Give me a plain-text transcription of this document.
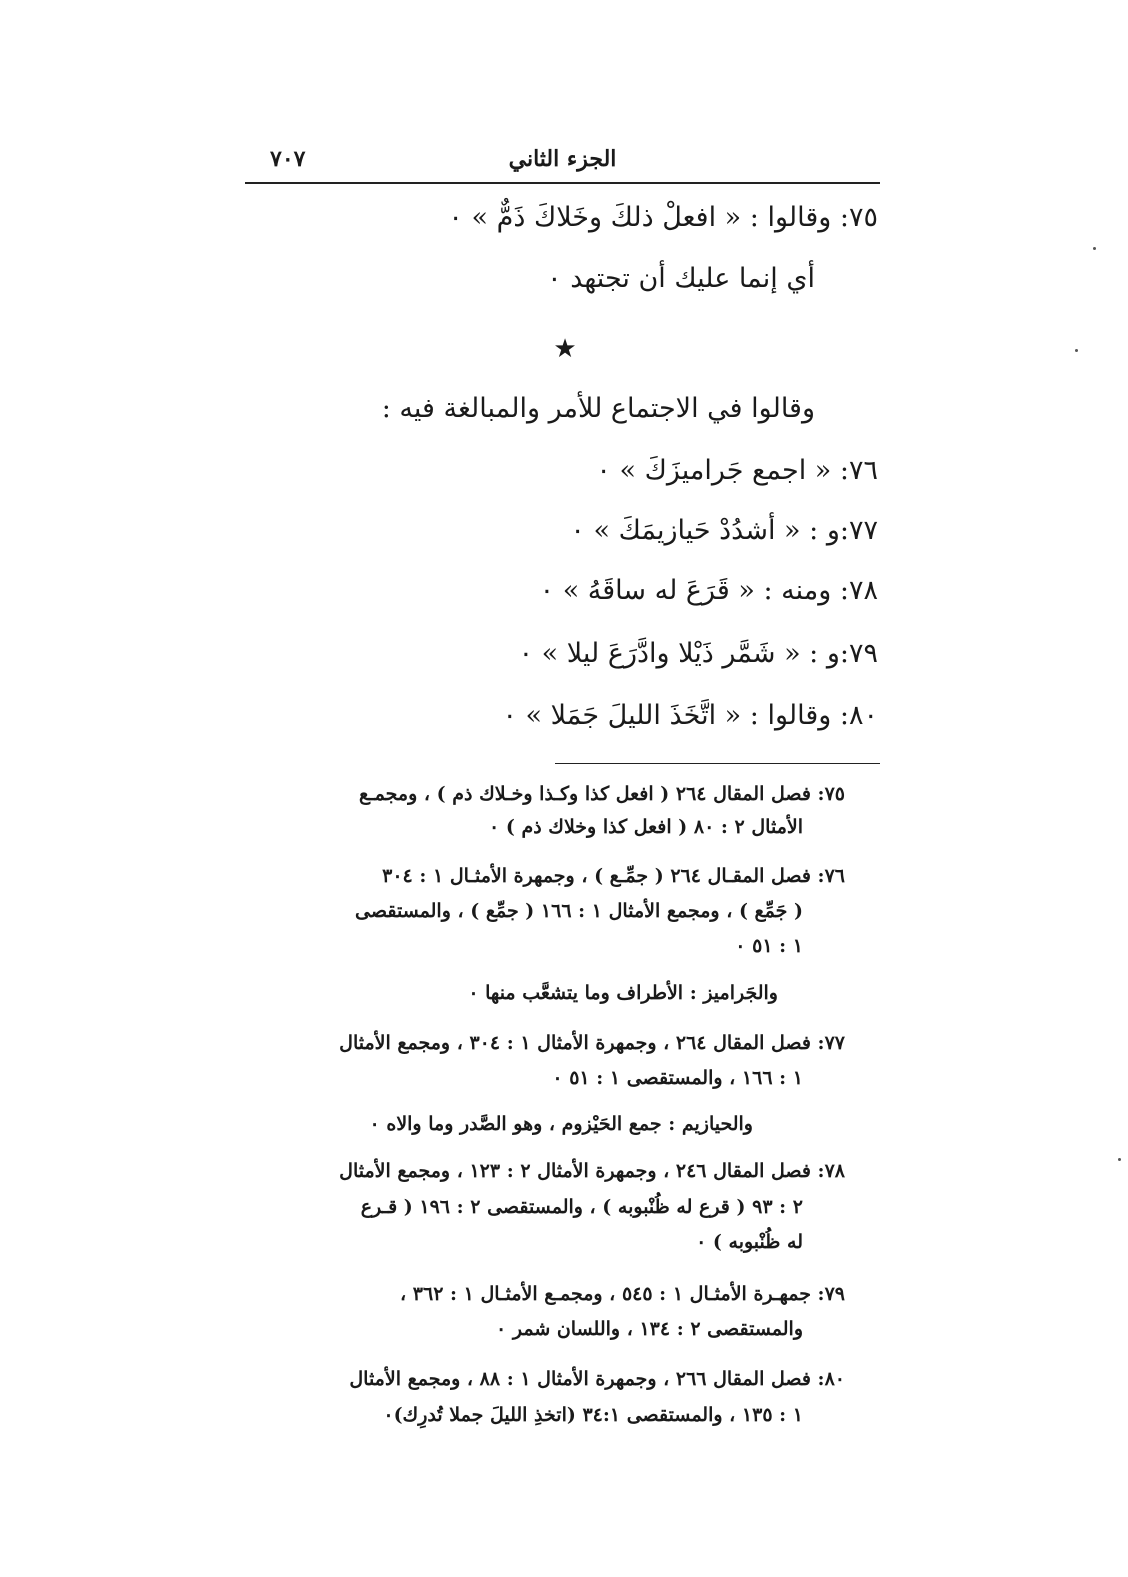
٧٠٧	الجزء الثاني
٧٥: وقالوا : « افعلْ ذلكَ وخَلاكَ ذَمٌّ » ٠
أي إنما عليك أن تجتهد ٠
★
وقالوا في الاجتماع للأمر والمبالغة فيه :
٧٦: « اجمع جَراميزَكَ » ٠
٧٧:و : « أشدُدْ حَيازيمَكَ » ٠
٧٨: ومنه : « قَرَعَ له ساقَهُ » ٠
٧٩:و : « شَمَّر ذَيْلا وادَّرَعَ ليلا » ٠
٨٠: وقالوا : « اتَّخَذَ الليلَ جَمَلا » ٠
٧٥: فصل المقال ٢٦٤ ( افعل كذا وكـذا وخـلاك ذم ) ، ومجمـع
الأمثال ٢ : ٨٠ ( افعل كذا وخلاك ذم ) ٠
٧٦: فصل المقـال ٢٦٤ ( جمِّـع ) ، وجمهرة الأمثـال ١ : ٣٠٤
( جَمِّع ) ، ومجمع الأمثال ١ : ١٦٦ ( جمِّع ) ، والمستقصى
١ : ٥١ ٠
والجَراميز : الأطراف وما يتشعَّب منها ٠
٧٧: فصل المقال ٢٦٤ ، وجمهرة الأمثال ١ : ٣٠٤ ، ومجمع الأمثال
١ : ١٦٦ ، والمستقصى ١ : ٥١ ٠
والحيازيم : جمع الحَيْزوم ، وهو الصَّدر وما والاه ٠
٧٨: فصل المقال ٢٤٦ ، وجمهرة الأمثال ٢ : ١٢٣ ، ومجمع الأمثال
٢ : ٩٣ ( قرع له ظُنْبوبه ) ، والمستقصى ٢ : ١٩٦ ( قـرع
له ظُنْبوبه ) ٠
٧٩: جمهـرة الأمثـال ١ : ٥٤٥ ، ومجمـع الأمثـال ١ : ٣٦٢ ،
والمستقصى ٢ : ١٣٤ ، واللسان شمر ٠
٨٠: فصل المقال ٢٦٦ ، وجمهرة الأمثال ١ : ٨٨ ، ومجمع الأمثال
١ : ١٣٥ ، والمستقصى ٣٤:١ (اتخذِ الليلَ جملا تُدرِك)٠
